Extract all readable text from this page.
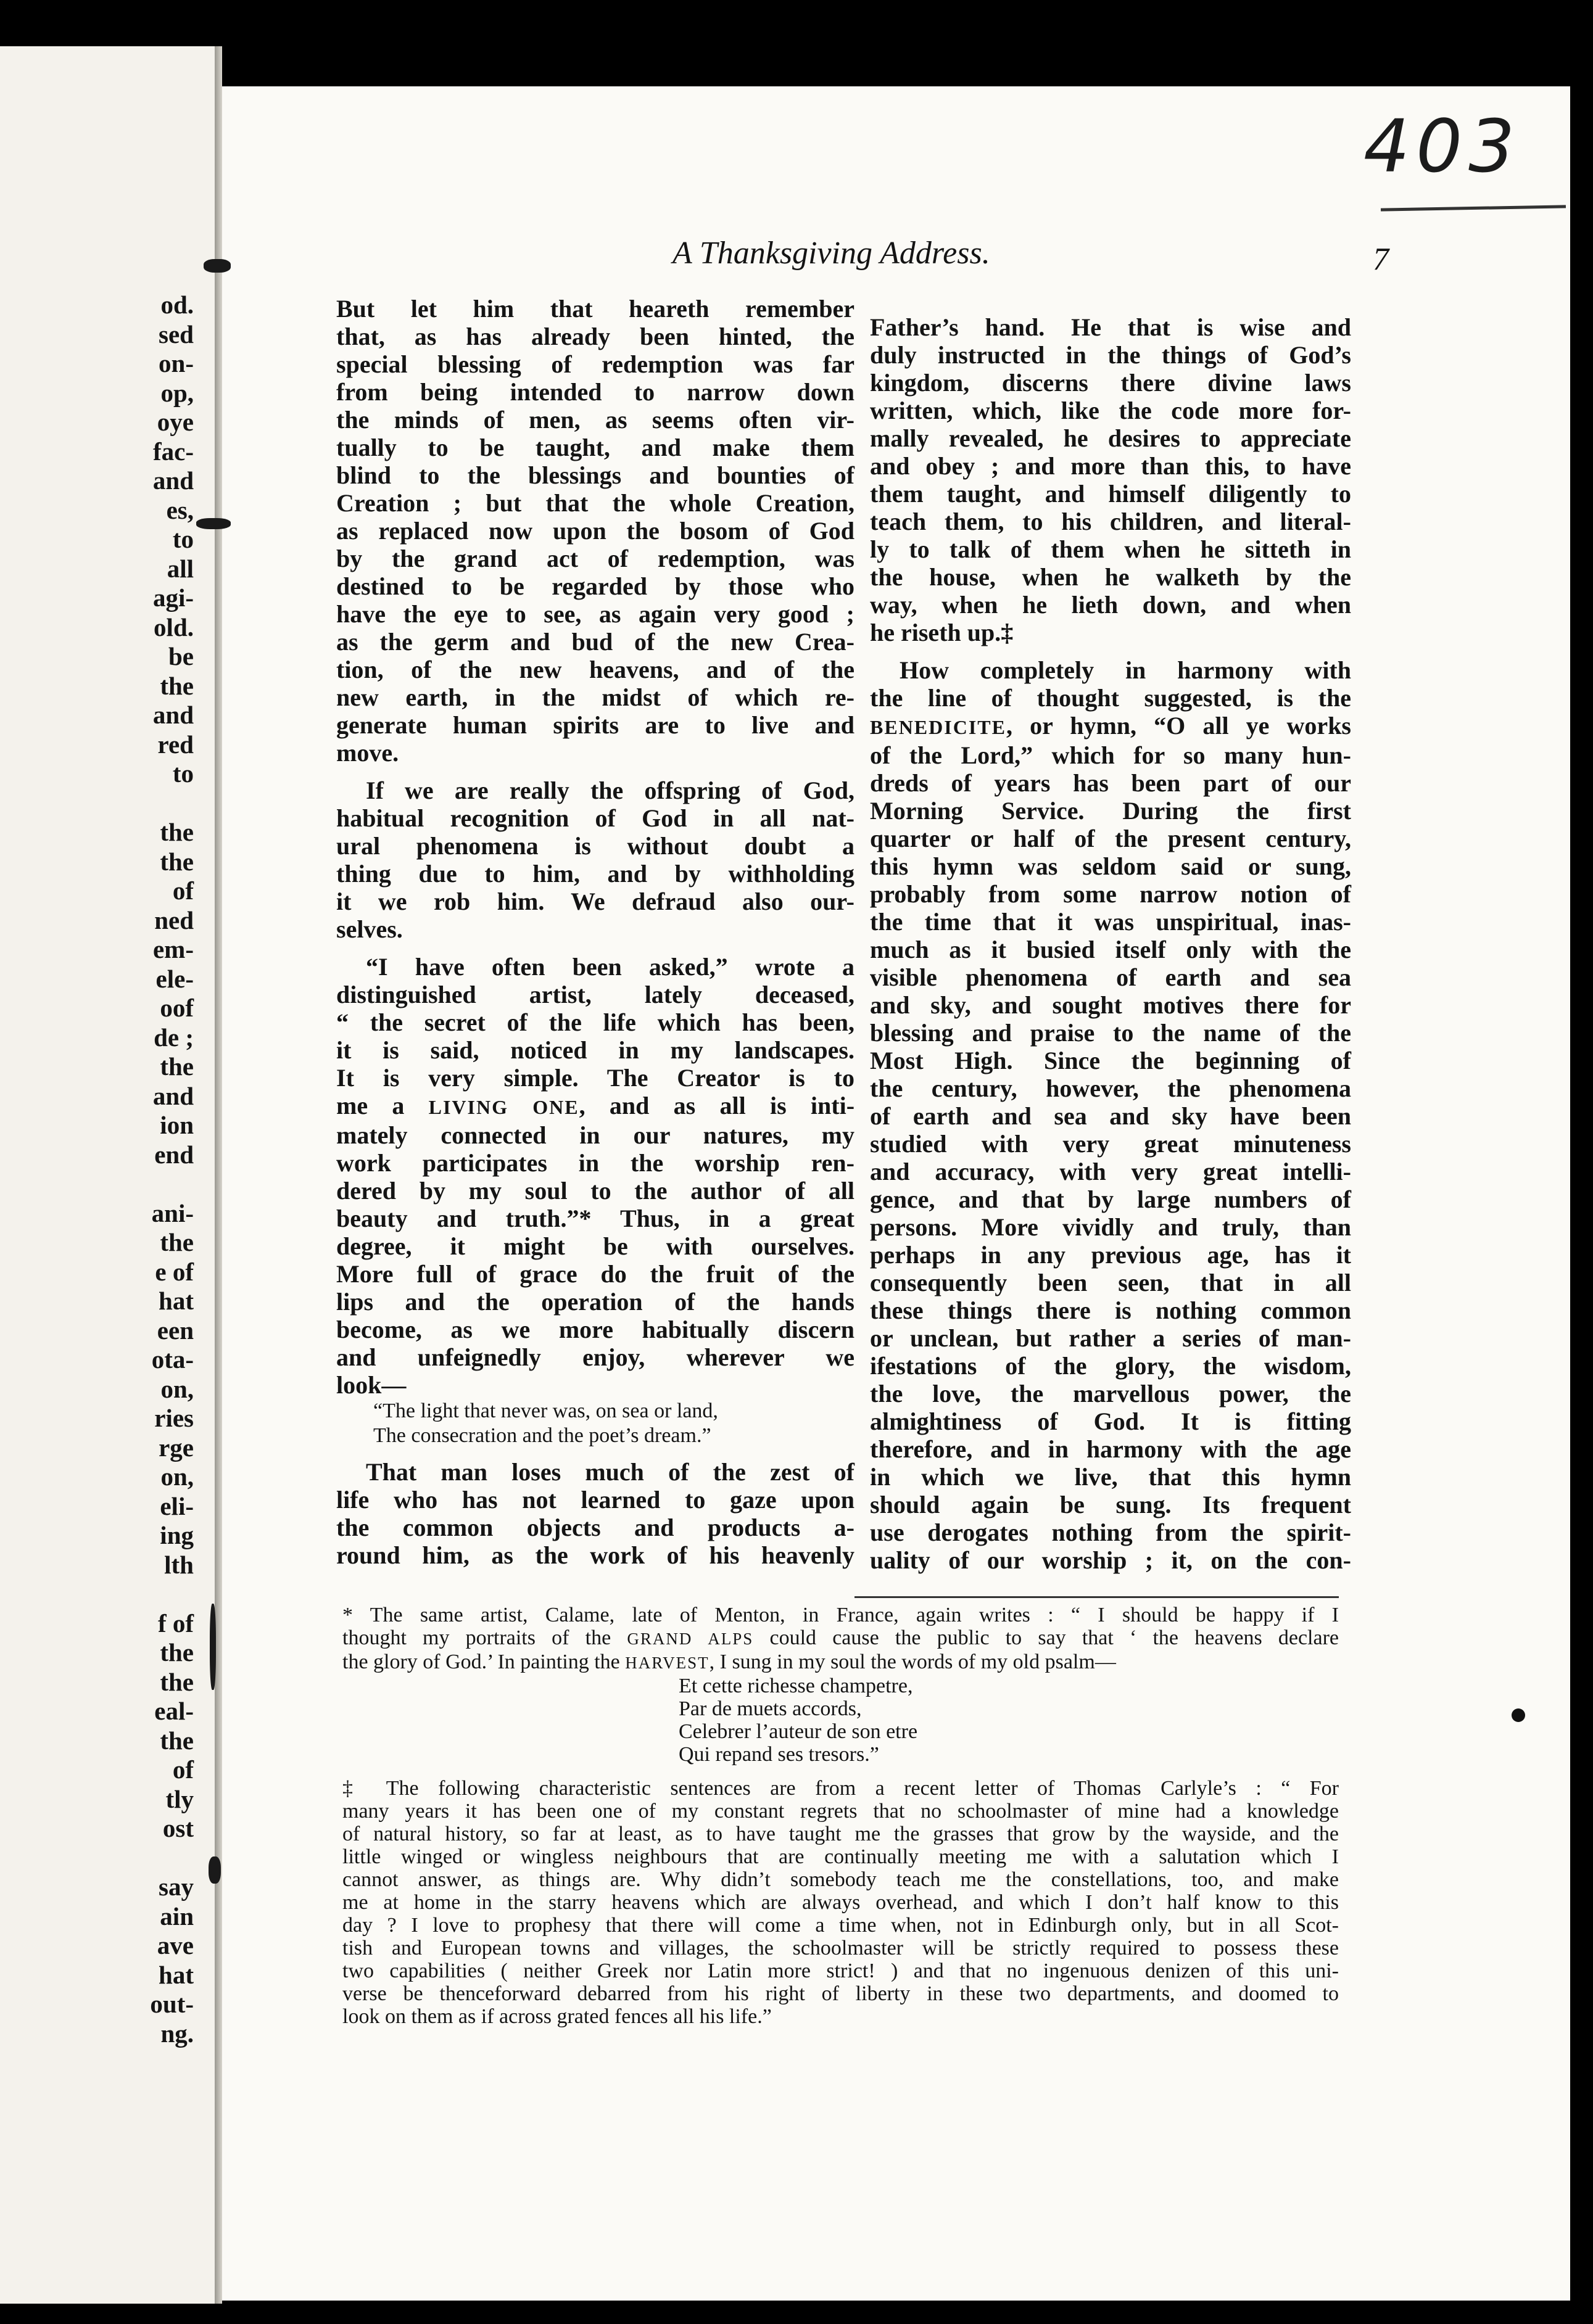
od.
sed
on-
op,
oye
fac-
and
es,
to
all
agi-
old.
be
the
and
red
to
the
the
of
ned
em-
ele-
oof
de ;
the
and
ion
end
ani-
the
e of
hat
een
ota-
on,
ries
rge
on,
eli-
ing
lth
f of
the
the
eal-
the
of
tly
ost
say
ain
ave
hat
out-
ng.
403
A Thanksgiving Address.	7
But let him that heareth remember
that, as has already been hinted, the
special blessing of redemption was far
from being intended to narrow down
the minds of men, as seems often vir-
tually to be taught, and make them
blind to the blessings and bounties of
Creation ; but that the whole Creation,
as replaced now upon the bosom of God
by the grand act of redemption, was
destined to be regarded by those who
have the eye to see, as again very good ;
as the germ and bud of the new Crea-
tion, of the new heavens, and of the
new earth, in the midst of which re-
generate human spirits are to live and
move.
If we are really the offspring of God,
habitual recognition of God in all nat-
ural phenomena is without doubt a
thing due to him, and by withholding
it we rob him. We defraud also our-
selves.
“I have often been asked,” wrote a
distinguished artist, lately deceased,
“ the secret of the life which has been,
it is said, noticed in my landscapes.
It is very simple. The Creator is to
me a LIVING ONE, and as all is inti-
mately connected in our natures, my
work participates in the worship ren-
dered by my soul to the author of all
beauty and truth.”* Thus, in a great
degree, it might be with ourselves.
More full of grace do the fruit of the
lips and the operation of the hands
become, as we more habitually discern
and unfeignedly enjoy, wherever we
look—
“The light that never was, on sea or land,
The consecration and the poet’s dream.”
That man loses much of the zest of
life who has not learned to gaze upon
the common objects and products a-
round him, as the work of his heavenly
Father’s hand. He that is wise and
duly instructed in the things of God’s
kingdom, discerns there divine laws
written, which, like the code more for-
mally revealed, he desires to appreciate
and obey ; and more than this, to have
them taught, and himself diligently to
teach them, to his children, and literal-
ly to talk of them when he sitteth in
the house, when he walketh by the
way, when he lieth down, and when
he riseth up.‡
How completely in harmony with
the line of thought suggested, is the
BENEDICITE, or hymn, “O all ye works
of the Lord,” which for so many hun-
dreds of years has been part of our
Morning Service. During the first
quarter or half of the present century,
this hymn was seldom said or sung,
probably from some narrow notion of
the time that it was unspiritual, inas-
much as it busied itself only with the
visible phenomena of earth and sea
and sky, and sought motives there for
blessing and praise to the name of the
Most High. Since the beginning of
the century, however, the phenomena
of earth and sea and sky have been
studied with very great minuteness
and accuracy, with very great intelli-
gence, and that by large numbers of
persons. More vividly and truly, than
perhaps in any previous age, has it
consequently been seen, that in all
these things there is nothing common
or unclean, but rather a series of man-
ifestations of the glory, the wisdom,
the love, the marvellous power, the
almightiness of God. It is fitting
therefore, and in harmony with the age
in which we live, that this hymn
should again be sung. Its frequent
use derogates nothing from the spirit-
uality of our worship ; it, on the con-
* The same artist, Calame, late of Menton, in France, again writes : “ I should be happy if I
thought my portraits of the GRAND ALPS could cause the public to say that ‘ the heavens declare
the glory of God.’ In painting the HARVEST, I sung in my soul the words of my old psalm—
Et cette richesse champetre,
Par de muets accords,
Celebrer l’auteur de son etre
Qui repand ses tresors.”
‡ The following characteristic sentences are from a recent letter of Thomas Carlyle’s : “ For
many years it has been one of my constant regrets that no schoolmaster of mine had a knowledge
of natural history, so far at least, as to have taught me the grasses that grow by the wayside, and the
little winged or wingless neighbours that are continually meeting me with a salutation which I
cannot answer, as things are. Why didn’t somebody teach me the constellations, too, and make
me at home in the starry heavens which are always overhead, and which I don’t half know to this
day ? I love to prophesy that there will come a time when, not in Edinburgh only, but in all Scot-
tish and European towns and villages, the schoolmaster will be strictly required to possess these
two capabilities ( neither Greek nor Latin more strict! ) and that no ingenuous denizen of this uni-
verse be thenceforward debarred from his right of liberty in these two departments, and doomed to
look on them as if across grated fences all his life.”
